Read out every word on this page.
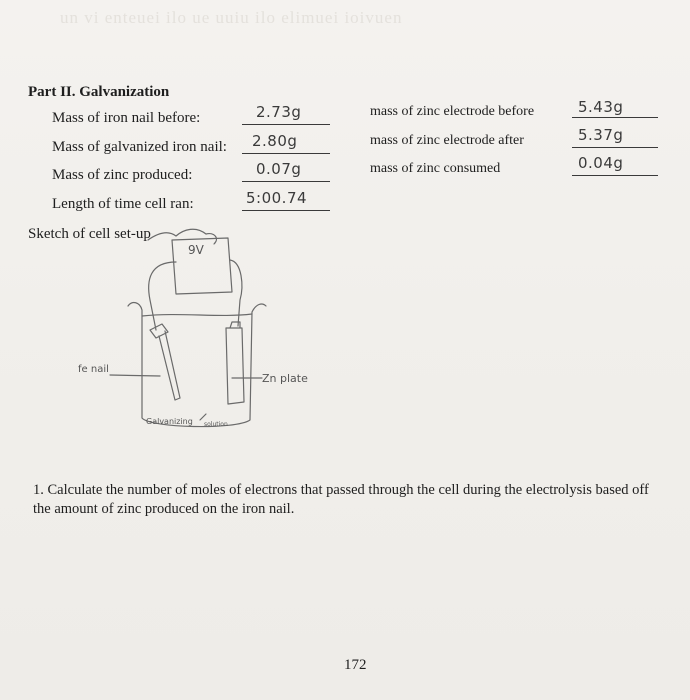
un vi enteuei ilo ue uuiu ilo elimuei ioivuen
Part II. Galvanization
Mass of iron nail before:
Mass of galvanized iron nail:
Mass of zinc produced:
Length of time cell ran:
2.73g
2.80g
0.07g
5:00.74
mass of zinc electrode before
mass of zinc electrode after
mass of zinc consumed
5.43g
5.37g
0.04g
Sketch of cell set-up
9V
fe nail
Zn plate
Galvanizing solution
1. Calculate the number of moles of electrons that passed through the cell during the electrolysis based off the amount of zinc produced on the iron nail.
172
